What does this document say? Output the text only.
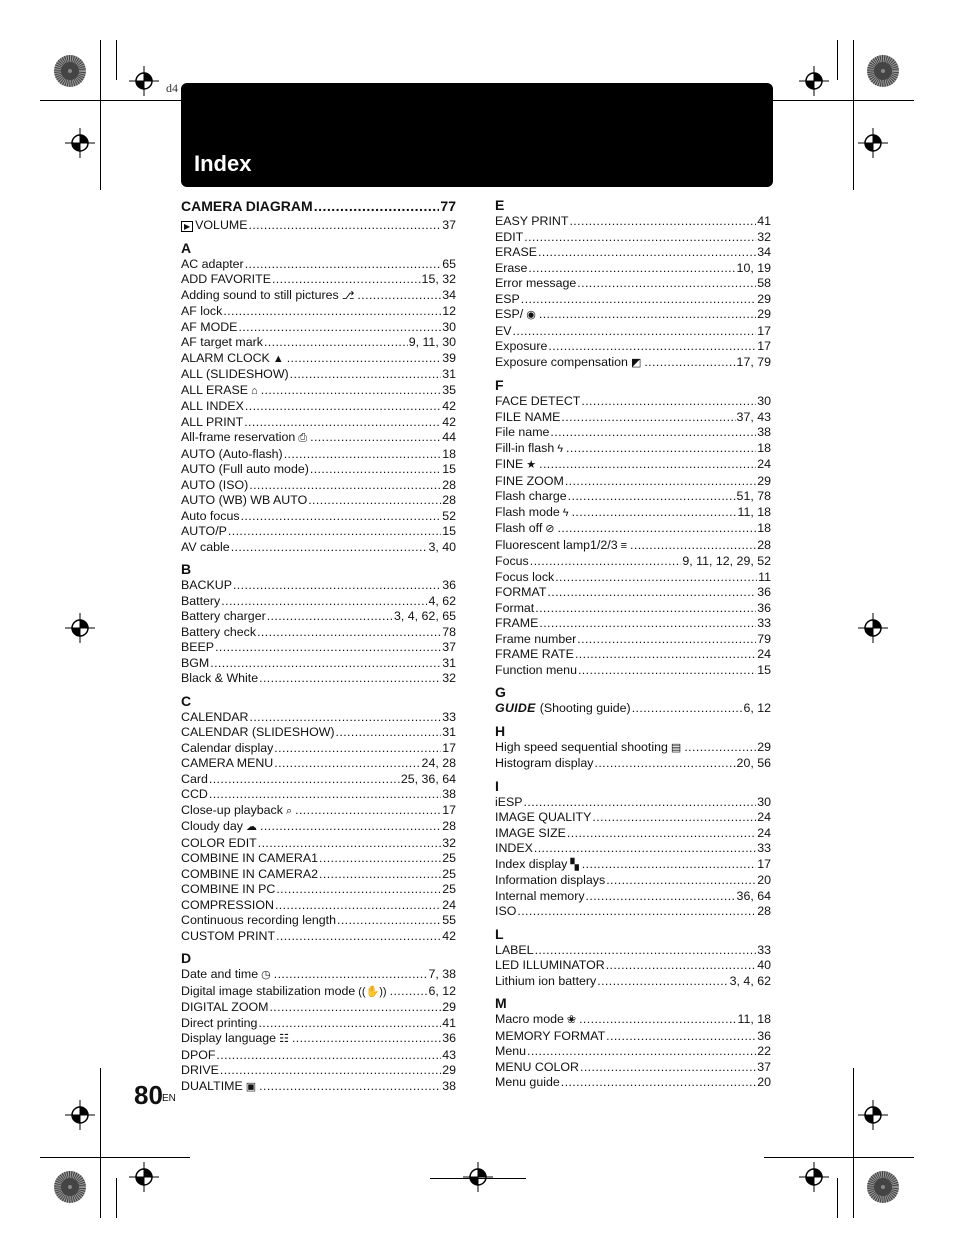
d4
Index
CAMERA DIAGRAM .....	77
▶ VOLUME .....	37
A
AC adapter .....	65
ADD FAVORITE .....	15, 32
Adding sound to still pictures ⎇ .....	34
AF lock .....	12
AF MODE .....	30
AF target mark .....	9, 11, 30
ALARM CLOCK ▲ .....	39
ALL (SLIDESHOW) .....	31
ALL ERASE ⌂ .....	35
ALL INDEX .....	42
ALL PRINT .....	42
All-frame reservation ⎙ .....	44
AUTO (Auto-flash) .....	18
AUTO (Full auto mode) .....	15
AUTO (ISO) .....	28
AUTO (WB) WB AUTO .....	28
Auto focus .....	52
AUTO/P .....	15
AV cable .....	3, 40
B
BACKUP .....	36
Battery .....	4, 62
Battery charger .....	3, 4, 62, 65
Battery check .....	78
BEEP .....	37
BGM .....	31
Black & White .....	32
C
CALENDAR .....	33
CALENDAR (SLIDESHOW) .....	31
Calendar display .....	17
CAMERA MENU .....	24, 28
Card .....	25, 36, 64
CCD .....	38
Close-up playback ⌕ .....	17
Cloudy day ☁ .....	28
COLOR EDIT .....	32
COMBINE IN CAMERA1 .....	25
COMBINE IN CAMERA2 .....	25
COMBINE IN PC .....	25
COMPRESSION .....	24
Continuous recording length .....	55
CUSTOM PRINT .....	42
D
Date and time ◷ .....	7, 38
Digital image stabilization mode ((✋)) .....	6, 12
DIGITAL ZOOM .....	29
Direct printing .....	41
Display language ☷ .....	36
DPOF .....	43
DRIVE .....	29
DUALTIME ▣ .....	38
E
EASY PRINT .....	41
EDIT .....	32
ERASE .....	34
Erase .....	10, 19
Error message .....	58
ESP .....	29
ESP/ ◉ .....	29
EV .....	17
Exposure .....	17
Exposure compensation ◩ .....	17, 79
F
FACE DETECT .....	30
FILE NAME .....	37, 43
File name .....	38
Fill-in flash ϟ .....	18
FINE ★ .....	24
FINE ZOOM .....	29
Flash charge .....	51, 78
Flash mode ϟ .....	11, 18
Flash off ⊘ .....	18
Fluorescent lamp1/2/3 ≡ .....	28
Focus .....	9, 11, 12, 29, 52
Focus lock .....	11
FORMAT .....	36
Format .....	36
FRAME .....	33
Frame number .....	79
FRAME RATE .....	24
Function menu .....	15
G
GUIDE (Shooting guide) .....	6, 12
H
High speed sequential shooting ▤ .....	29
Histogram display .....	20, 56
I
iESP .....	30
IMAGE QUALITY .....	24
IMAGE SIZE .....	24
INDEX .....	33
Index display ▚ .....	17
Information displays .....	20
Internal memory .....	36, 64
ISO .....	28
L
LABEL .....	33
LED ILLUMINATOR .....	40
Lithium ion battery .....	3, 4, 62
M
Macro mode ❀ .....	11, 18
MEMORY FORMAT .....	36
Menu .....	22
MENU COLOR .....	37
Menu guide .....	20
80 EN
